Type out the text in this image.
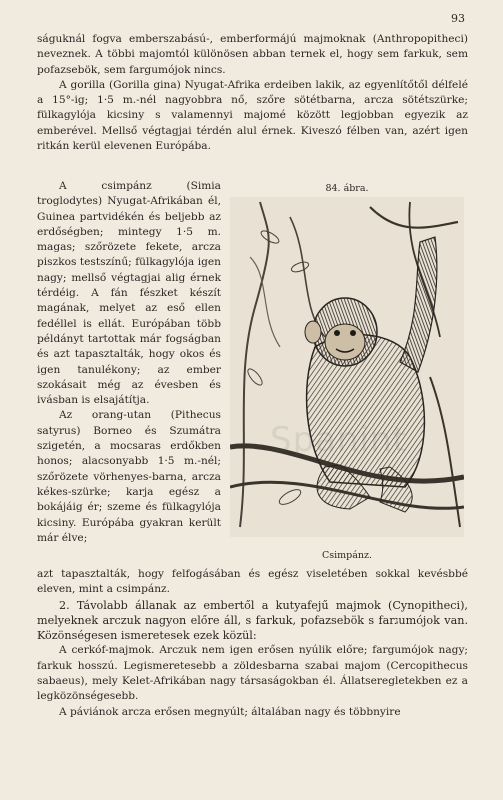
93

ságuknál fogva emberszabású-, emberformájú majmoknak (Anthropopitheci) neveznek. A többi majomtól különösen abban ternek el, hogy sem farkuk, sem pofazsebök, sem fargumójok nincs.

A gorilla (Gorilla gina) Nyugat-Afrika erdeiben lakik, az egyenlítőtől délfelé a 15°-ig; 1·5 m.-nél nagyobbra nő, szőre sötétbarna, arcza sötétszürke; fülkagylója kicsiny s valamennyi majomé között legjobban egyezik az emberével. Mellső végtagjai térdén alul érnek. Kiveszó félben van, azért igen ritkán kerül elevenen Európába.

A csimpánz (Simia troglodytes) Nyugat-Afrikában él, Guinea partvidékén és beljebb az erdőségben; mintegy 1·5 m. magas; szőrözete fekete, arcza piszkos testszínű; fülkagylója igen nagy; mellső végtagjai alig érnek térdéig. A fán fészket készít magának, melyet az eső ellen fedéllel is ellát. Európában több példányt tartottak már fogságban és azt tapasztalták, hogy okos és igen tanulékony; az ember szokásait még az évesben és ivásban is elsajátítja.

Az orang-utan (Pithecus satyrus) Borneo és Szumátra szigetén, a mocsaras erdőkben honos; alacsonyabb 1·5 m.-nél; szőrözete vörhenyes-barna, arcza kékes-szürke; karja egész a bokájáig ér; szeme és fülkagylója kicsiny. Európába gyakran került már élve;

84. ábra.
Csimpánz.

azt tapasztalták, hogy felfogásában és egész viseletében sokkal kevésbbé eleven, mint a csimpánz.

2. Távolabb állanak az embertől a kutyafejű majmok (Cynopitheci), melyeknek arczuk nagyon előre áll, s farkuk, pofazsebök s farגumójok van. Közönségesen ismeretesek ezek közül:

A cerkóf-majmok. Arczuk nem igen erősen nyúlik előre; fargumójok nagy; farkuk hosszú. Legismeretesebb a zöldesbarna szabai majom (Cercopithecus sabaeus), mely Kelet-Afrikában nagy társaságokban él. Állatseregletekben ez a legközönségesebb.

A páviánok arcza erősen megnyúlt; általában nagy és többnyire

Spanint
